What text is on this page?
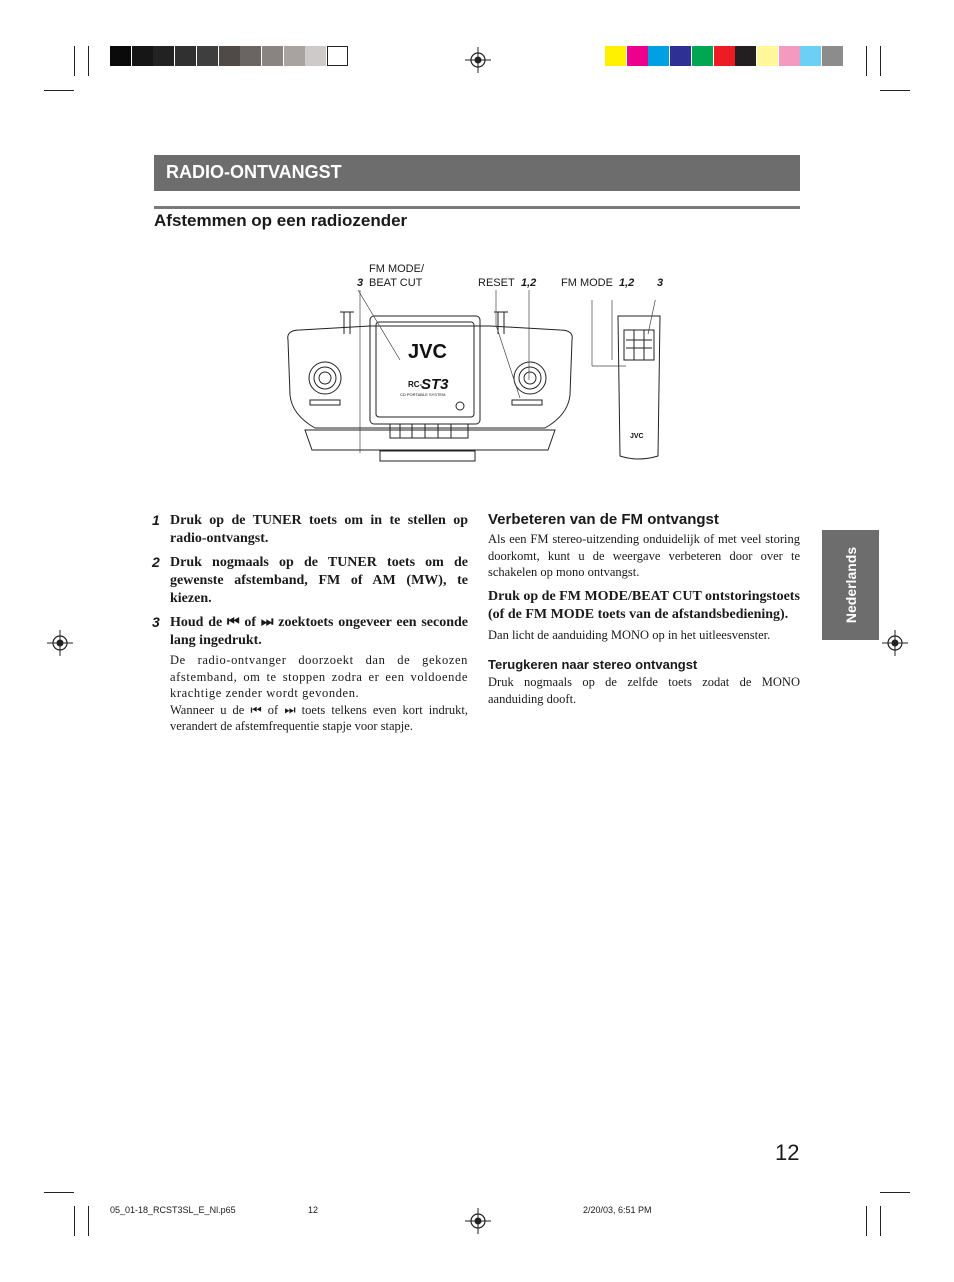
RADIO-ONTVANGST
Afstemmen op een radiozender
FM MODE/
BEAT CUT
3	RESET 1,2 FM MODE 1,2 3
JVC
RC-
ST3
CD PORTABLE SYSTEM
JVC
1 Druk op de TUNER toets om in te stellen op radio-ontvangst.
2 Druk nogmaals op de TUNER toets om de gewenste afstemband, FM of AM (MW), te kiezen.
3 Houd de ⏮ of ⏭ zoektoets ongeveer een seconde lang ingedrukt.

De radio-ontvanger doorzoekt dan de gekozen afstemband, om te stoppen zodra er een voldoende krachtige zender wordt gevonden.

Wanneer u de ⏮ of ⏭ toets telkens even kort indrukt, verandert de afstemfrequentie stapje voor stapje.

Verbeteren van de FM ontvangst

Als een FM stereo-uitzending onduidelijk of met veel storing doorkomt, kunt u de weergave verbeteren door over te schakelen op mono ontvangst.

Druk op de FM MODE/BEAT CUT ontstoringstoets (of de FM MODE toets van de afstandsbediening).

Dan licht de aanduiding MONO op in het uitleesvenster.

Terugkeren naar stereo ontvangst

Druk nogmaals op de zelfde toets zodat de MONO aanduiding dooft.

Nederlands
12
05_01-18_RCST3SL_E_Nl.p65	12	2/20/03, 6:51 PM
